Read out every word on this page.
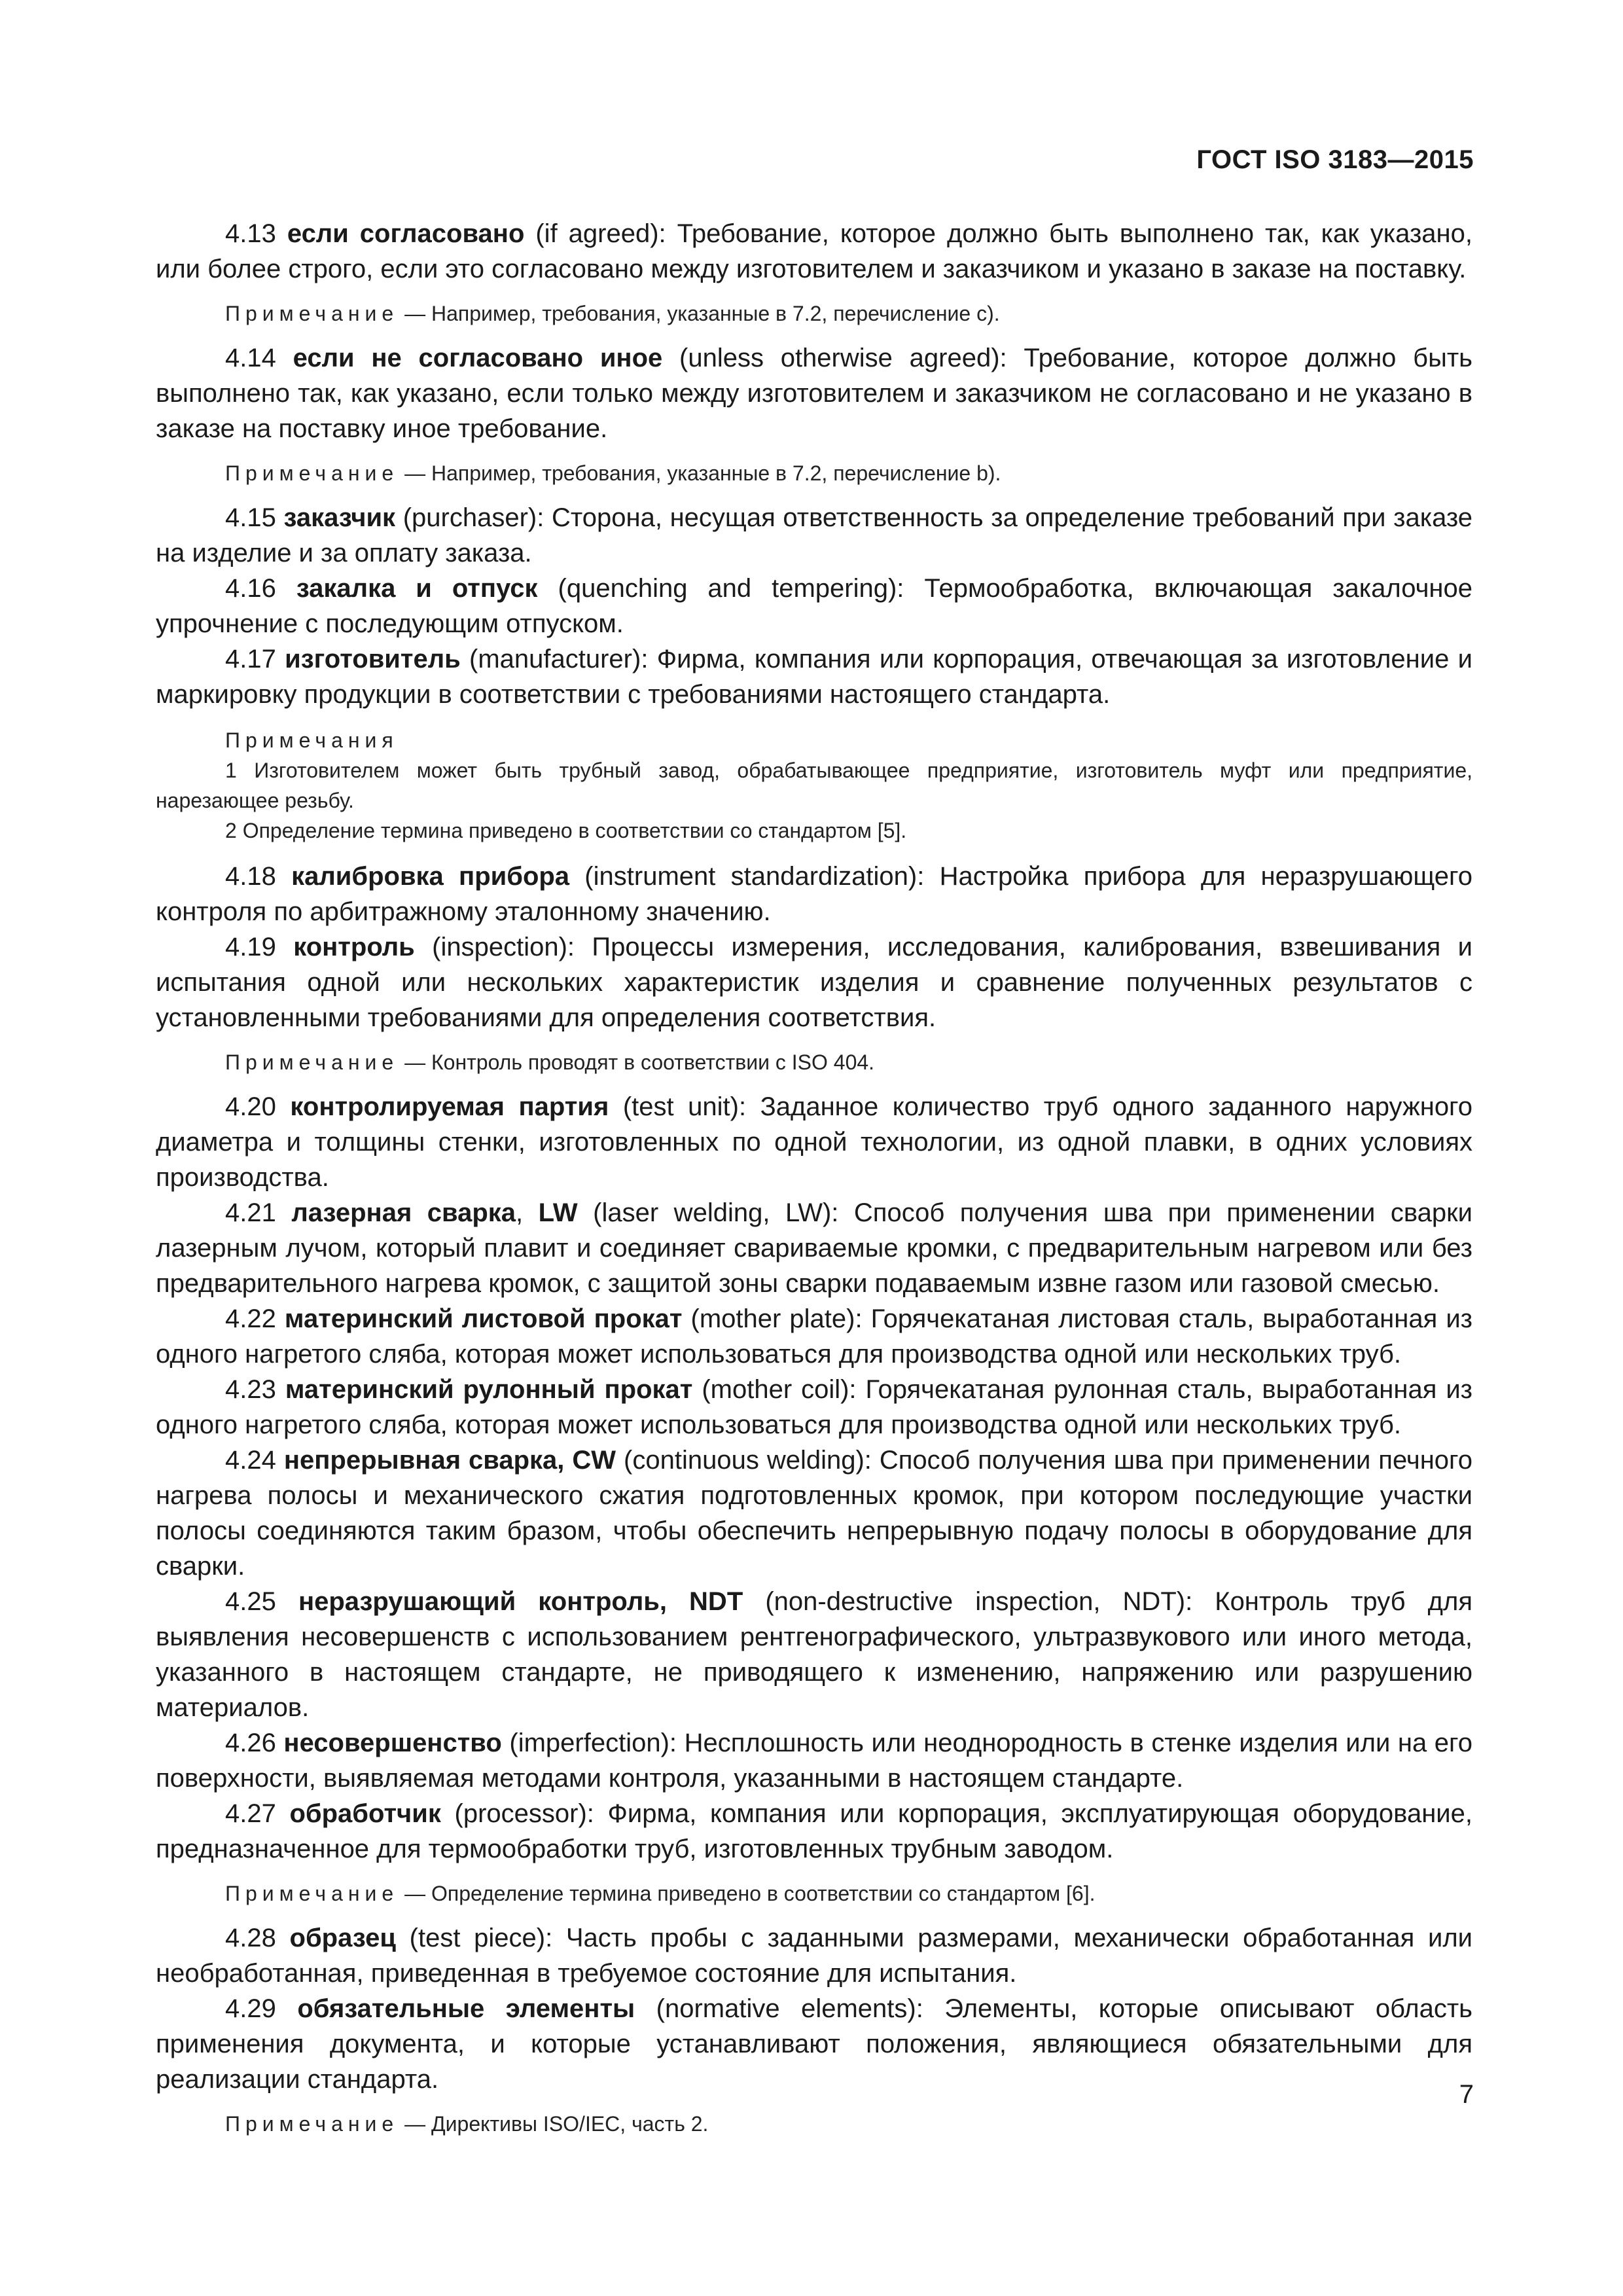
ГОСТ ISO 3183—2015

4.13 если согласовано (if agreed): Требование, которое должно быть выполнено так, как указано, или более строго, если это согласовано между изготовителем и заказчиком и указано в заказе на поставку.

Примечание — Например, требования, указанные в 7.2, перечисление с).

4.14 если не согласовано иное (unless otherwise agreed): Требование, которое должно быть выполнено так, как указано, если только между изготовителем и заказчиком не согласовано и не указано в заказе на поставку иное требование.

Примечание — Например, требования, указанные в 7.2, перечисление b).

4.15 заказчик (purchaser): Сторона, несущая ответственность за определение требований при заказе на изделие и за оплату заказа.

4.16 закалка и отпуск (quenching and tempering): Термообработка, включающая закалочное упрочнение с последующим отпуском.

4.17 изготовитель (manufacturer): Фирма, компания или корпорация, отвечающая за изготовление и маркировку продукции в соответствии с требованиями настоящего стандарта.

Примечания
1 Изготовителем может быть трубный завод, обрабатывающее предприятие, изготовитель муфт или предприятие, нарезающее резьбу.
2 Определение термина приведено в соответствии со стандартом [5].

4.18 калибровка прибора (instrument standardization): Настройка прибора для неразрушающего контроля по арбитражному эталонному значению.

4.19 контроль (inspection): Процессы измерения, исследования, калибрования, взвешивания и испытания одной или нескольких характеристик изделия и сравнение полученных результатов с установленными требованиями для определения соответствия.

Примечание — Контроль проводят в соответствии с ISO 404.

4.20 контролируемая партия (test unit): Заданное количество труб одного заданного наружного диаметра и толщины стенки, изготовленных по одной технологии, из одной плавки, в одних условиях производства.

4.21 лазерная сварка, LW (laser welding, LW): Способ получения шва при применении сварки лазерным лучом, который плавит и соединяет свариваемые кромки, с предварительным нагревом или без предварительного нагрева кромок, с защитой зоны сварки подаваемым извне газом или газовой смесью.

4.22 материнский листовой прокат (mother plate): Горячекатаная листовая сталь, выработанная из одного нагретого сляба, которая может использоваться для производства одной или нескольких труб.

4.23 материнский рулонный прокат (mother coil): Горячекатаная рулонная сталь, выработанная из одного нагретого сляба, которая может использоваться для производства одной или нескольких труб.

4.24 непрерывная сварка, CW (continuous welding): Способ получения шва при применении печного нагрева полосы и механического сжатия подготовленных кромок, при котором последующие участки полосы соединяются таким бразом, чтобы обеспечить непрерывную подачу полосы в оборудование для сварки.

4.25 неразрушающий контроль, NDT (non-destructive inspection, NDT): Контроль труб для выявления несовершенств с использованием рентгенографического, ультразвукового или иного метода, указанного в настоящем стандарте, не приводящего к изменению, напряжению или разрушению материалов.

4.26 несовершенство (imperfection): Несплошность или неоднородность в стенке изделия или на его поверхности, выявляемая методами контроля, указанными в настоящем стандарте.

4.27 обработчик (processor): Фирма, компания или корпорация, эксплуатирующая оборудование, предназначенное для термообработки труб, изготовленных трубным заводом.

Примечание — Определение термина приведено в соответствии со стандартом [6].

4.28 образец (test piece): Часть пробы с заданными размерами, механически обработанная или необработанная, приведенная в требуемое состояние для испытания.

4.29 обязательные элементы (normative elements): Элементы, которые описывают область применения документа, и которые устанавливают положения, являющиеся обязательными для реализации стандарта.

Примечание — Директивы ISO/IEC, часть 2.
7
